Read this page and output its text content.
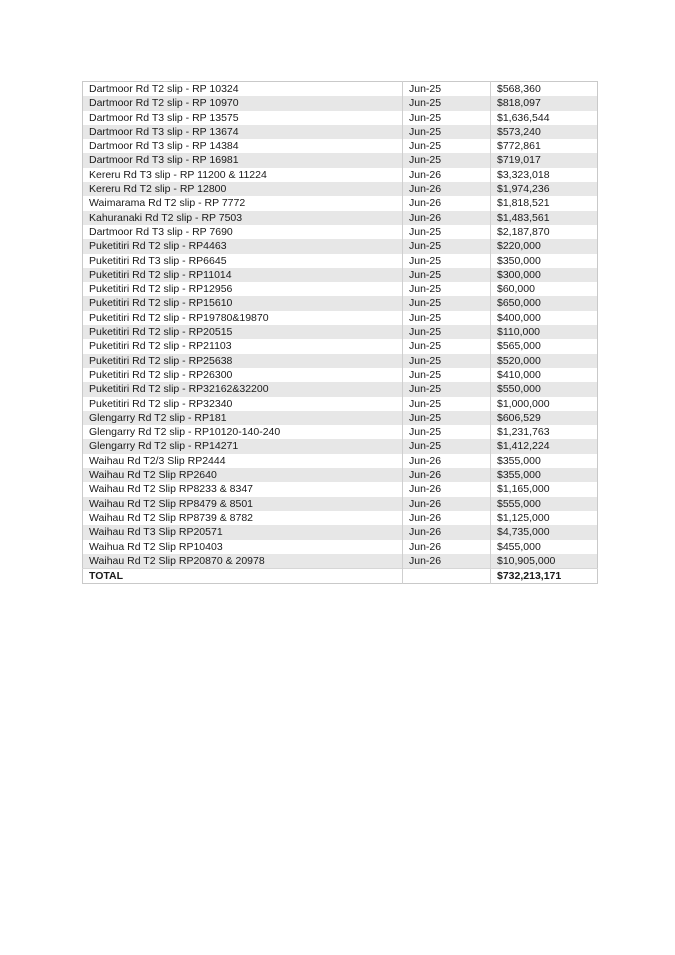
Dartmoor Rd T2 slip - RP 10324	Jun-25	$568,360
Dartmoor Rd T2 slip - RP 10970	Jun-25	$818,097
Dartmoor Rd T3 slip - RP 13575	Jun-25	$1,636,544
Dartmoor Rd T3 slip - RP 13674	Jun-25	$573,240
Dartmoor Rd T3 slip - RP 14384	Jun-25	$772,861
Dartmoor Rd T3 slip - RP 16981	Jun-25	$719,017
Kereru Rd T3 slip - RP 11200 & 11224	Jun-26	$3,323,018
Kereru Rd T2 slip - RP 12800	Jun-26	$1,974,236
Waimarama Rd T2 slip - RP 7772	Jun-26	$1,818,521
Kahuranaki Rd T2 slip - RP 7503	Jun-26	$1,483,561
Dartmoor Rd T3 slip - RP 7690	Jun-25	$2,187,870
Puketitiri Rd T2 slip - RP4463	Jun-25	$220,000
Puketitiri Rd T3 slip - RP6645	Jun-25	$350,000
Puketitiri Rd T2 slip - RP11014	Jun-25	$300,000
Puketitiri Rd T2 slip - RP12956	Jun-25	$60,000
Puketitiri Rd T2 slip - RP15610	Jun-25	$650,000
Puketitiri Rd T2 slip - RP19780&19870	Jun-25	$400,000
Puketitiri Rd T2 slip - RP20515	Jun-25	$110,000
Puketitiri Rd T2 slip - RP21103	Jun-25	$565,000
Puketitiri Rd T2 slip - RP25638	Jun-25	$520,000
Puketitiri Rd T2 slip - RP26300	Jun-25	$410,000
Puketitiri Rd T2 slip - RP32162&32200	Jun-25	$550,000
Puketitiri Rd T2 slip - RP32340	Jun-25	$1,000,000
Glengarry Rd T2 slip - RP181	Jun-25	$606,529
Glengarry Rd T2 slip - RP10120-140-240	Jun-25	$1,231,763
Glengarry Rd T2 slip - RP14271	Jun-25	$1,412,224
Waihau Rd T2/3 Slip RP2444	Jun-26	$355,000
Waihau Rd T2 Slip RP2640	Jun-26	$355,000
Waihau Rd T2 Slip RP8233 & 8347	Jun-26	$1,165,000
Waihau Rd T2 Slip RP8479 & 8501	Jun-26	$555,000
Waihau Rd T2 Slip RP8739 & 8782	Jun-26	$1,125,000
Waihau Rd T3 Slip RP20571	Jun-26	$4,735,000
Waihua Rd T2 Slip RP10403	Jun-26	$455,000
Waihau Rd T2 Slip RP20870 & 20978	Jun-26	$10,905,000
TOTAL		$732,213,171
